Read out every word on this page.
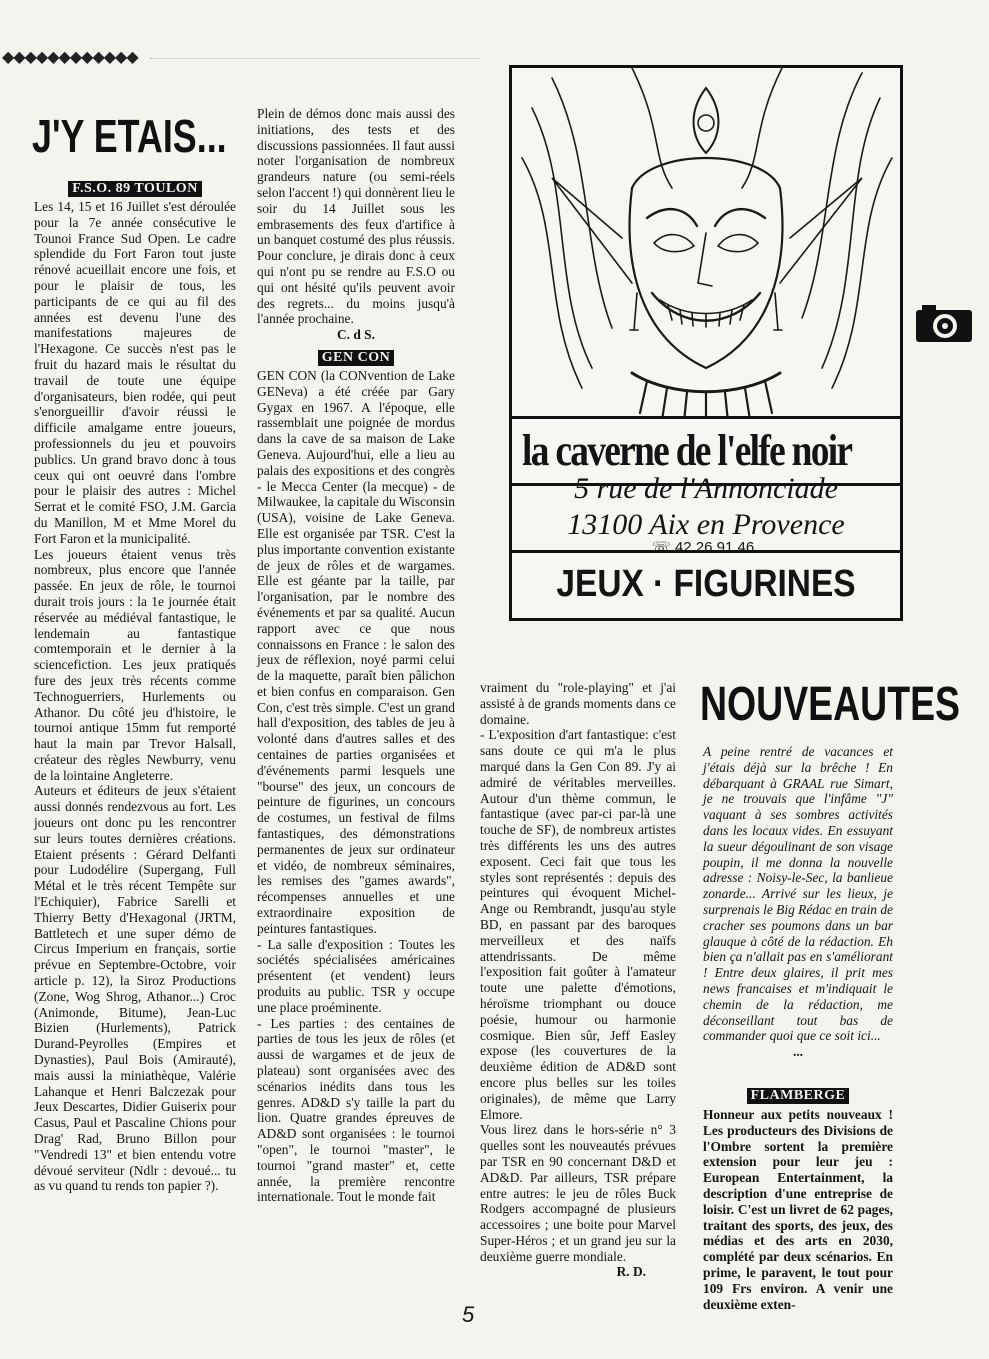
◆◆◆◆◆◆◆◆◆◆◆◆
J'Y ETAIS...
F.S.O. 89 TOULON

Les 14, 15 et 16 Juillet s'est déroulée pour la 7e année consécutive le Tounoi France Sud Open. Le cadre splendide du Fort Faron tout juste rénové acueillait encore une fois, et pour le plaisir de tous, les participants de ce qui au fil des années est devenu l'une des manifestations majeures de l'Hexagone. Ce succès n'est pas le fruit du hazard mais le résultat du travail de toute une équipe d'organisateurs, bien rodée, qui peut s'enorgueillir d'avoir réussi le difficile amalgame entre joueurs, professionnels du jeu et pouvoirs publics. Un grand bravo donc à tous ceux qui ont oeuvré dans l'ombre pour le plaisir des autres : Michel Serrat et le comité FSO, J.M. Garcia du Manillon, M et Mme Morel du Fort Faron et la municipalité.

Les joueurs étaient venus très nombreux, plus encore que l'année passée. En jeux de rôle, le tournoi durait trois jours : la 1e journée était réservée au médiéval fantastique, le lendemain au fantastique comtemporain et le dernier à la sciencefiction. Les jeux pratiqués fure des jeux très récents comme Technoguerriers, Hurlements ou Athanor. Du côté jeu d'histoire, le tournoi antique 15mm fut remporté haut la main par Trevor Halsall, créateur des règles Newburry, venu de la lointaine Angleterre.

Auteurs et éditeurs de jeux s'étaient aussi donnés rendezvous au fort. Les joueurs ont donc pu les rencontrer sur leurs toutes dernières créations. Etaient présents : Gérard Delfanti pour Ludodélire (Supergang, Full Métal et le très récent Tempête sur l'Echiquier), Fabrice Sarelli et Thierry Betty d'Hexagonal (JRTM, Battletech et une super démo de Circus Imperium en français, sortie prévue en Septembre-Octobre, voir article p. 12), la Siroz Productions (Zone, Wog Shrog, Athanor...) Croc (Animonde, Bitume), Jean-Luc Bizien (Hurlements), Patrick Durand-Peyrolles (Empires et Dynasties), Paul Bois (Amirauté), mais aussi la miniathèque, Valérie Lahanque et Henri Balczezak pour Jeux Descartes, Didier Guiserix pour Casus, Paul et Pascaline Chions pour Drag' Rad, Bruno Billon pour "Vendredi 13" et bien entendu votre dévoué serviteur (Ndlr : devoué... tu as vu quand tu rends ton papier ?).

Plein de démos donc mais aussi des initiations, des tests et des discussions passionnées. Il faut aussi noter l'organisation de nombreux grandeurs nature (ou semi-réels selon l'accent !) qui donnèrent lieu le soir du 14 Juillet sous les embrasements des feux d'artifice à un banquet costumé des plus réussis. Pour conclure, je dirais donc à ceux qui n'ont pu se rendre au F.S.O ou qui ont hésité qu'ils peuvent avoir des regrets... du moins jusqu'à l'année prochaine.

C. d S.
GEN CON

GEN CON (la CONvention de Lake GENeva) a été créée par Gary Gygax en 1967. A l'époque, elle rassemblait une poignée de mordus dans la cave de sa maison de Lake Geneva. Aujourd'hui, elle a lieu au palais des expositions et des congrès - le Mecca Center (la mecque) - de Milwaukee, la capitale du Wisconsin (USA), voisine de Lake Geneva. Elle est organisée par TSR. C'est la plus importante convention existante de jeux de rôles et de wargames. Elle est géante par la taille, par l'organisation, par le nombre des événements et par sa qualité. Aucun rapport avec ce que nous connaissons en France : le salon des jeux de réflexion, noyé parmi celui de la maquette, paraît bien pâlichon et bien confus en comparaison. Gen Con, c'est très simple. C'est un grand hall d'exposition, des tables de jeu à volonté dans d'autres salles et des centaines de parties organisées et d'événements parmi lesquels une "bourse" des jeux, un concours de peinture de figurines, un concours de costumes, un festival de films fantastiques, des démonstrations permanentes de jeux sur ordinateur et vidéo, de nombreux séminaires, les remises des "games awards", récompenses annuelles et une extraordinaire exposition de peintures fantastiques.

- La salle d'exposition : Toutes les sociétés spécialisées américaines présentent (et vendent) leurs produits au public. TSR y occupe une place proéminente.

- Les parties : des centaines de parties de tous les jeux de rôles (et aussi de wargames et de jeux de plateau) sont organisées avec des scénarios inédits dans tous les genres. AD&D s'y taille la part du lion. Quatre grandes épreuves de AD&D sont organisées : le tournoi "open", le tournoi "master", le tournoi "grand master" et, cette année, la première rencontre internationale. Tout le monde fait

vraiment du "role-playing" et j'ai assisté à de grands moments dans ce domaine.

- L'exposition d'art fantastique: c'est sans doute ce qui m'a le plus marqué dans la Gen Con 89. J'y ai admiré de véritables merveilles. Autour d'un thème commun, le fantastique (avec par-ci par-là une touche de SF), de nombreux artistes très différents les uns des autres exposent. Ceci fait que tous les styles sont représentés : depuis des peintures qui évoquent Michel-Ange ou Rembrandt, jusqu'au style BD, en passant par des baroques merveilleux et des naïfs attendrissants. De même l'exposition fait goûter à l'amateur toute une palette d'émotions, héroïsme triomphant ou douce poésie, humour ou harmonie cosmique. Bien sûr, Jeff Easley expose (les couvertures de la deuxième édition de AD&D sont encore plus belles sur les toiles originales), de même que Larry Elmore.

Vous lirez dans le hors-série n° 3 quelles sont les nouveautés prévues par TSR en 90 concernant D&D et AD&D. Par ailleurs, TSR prépare entre autres: le jeu de rôles Buck Rodgers accompagné de plusieurs accessoires ; une boite pour Marvel Super-Héros ; et un grand jeu sur la deuxième guerre mondiale.

R. D.
la caverne de l'elfe noir
5 rue de l'Annonciade
13100 Aix en Provence
☏ 42 26 91 46
JEUX · FIGURINES
NOUVEAUTES

A peine rentré de vacances et j'étais déjà sur la brêche ! En débarquant à GRAAL rue Simart, je ne trouvais que l'infâme "J" vaquant à ses sombres activités dans les locaux vides. En essuyant la sueur dégoulinant de son visage poupin, il me donna la nouvelle adresse : Noisy-le-Sec, la banlieue zonarde... Arrivé sur les lieux, je surprenais le Big Rédac en train de cracher ses poumons dans un bar glauque à côté de la rédaction. Eh bien ça n'allait pas en s'améliorant ! Entre deux glaires, il prit mes news francaises et m'indiquait le chemin de la rédaction, me déconseillant tout bas de commander quoi que ce soit ici...

...
FLAMBERGE

Honneur aux petits nouveaux ! Les producteurs des Divisions de l'Ombre sortent la première extension pour leur jeu : European Entertainment, la description d'une entreprise de loisir. C'est un livret de 62 pages, traitant des sports, des jeux, des médias et des arts en 2030, complété par deux scénarios. En prime, le paravent, le tout pour 109 Frs environ. A venir une deuxième exten-

5
